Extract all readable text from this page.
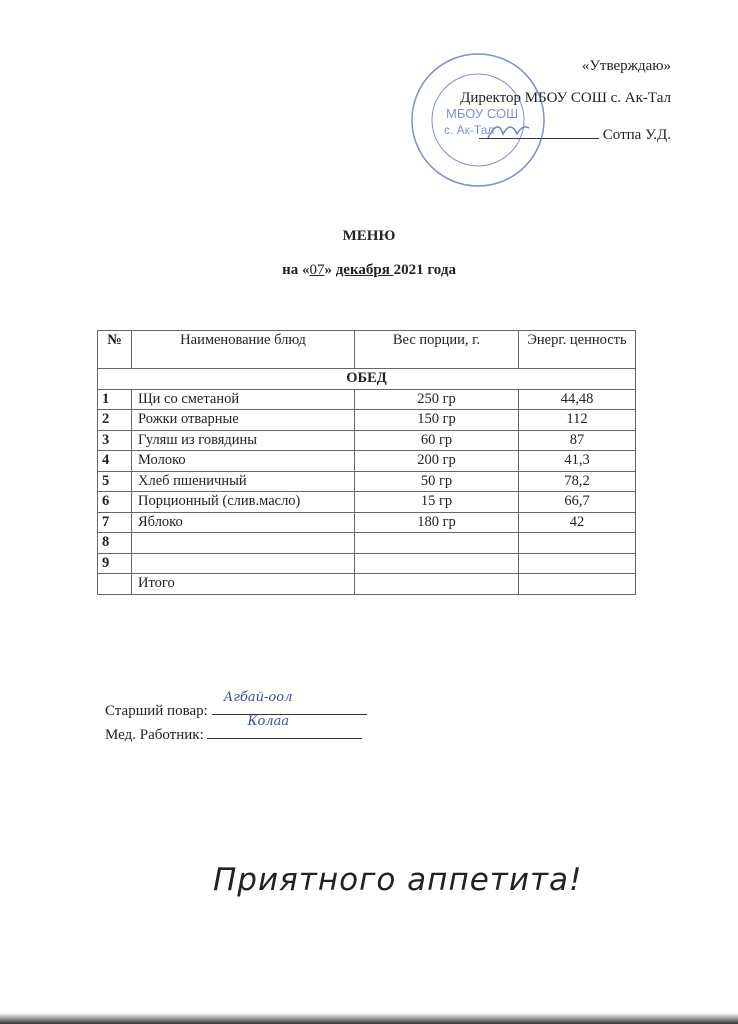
«Утверждаю»
Директор МБОУ СОШ с. Ак-Тал
Сотпа У.Д.
МБОУ СОШ
с. Ак-Тал
МЕНЮ
на «07» декабря 2021 года
№	Наименование блюд	Вес порции, г.	Энерг. ценность
ОБЕД			
1	Щи со сметаной	250 гр	44,48
2	Рожки отварные	150 гр	112
3	Гуляш из говядины	60 гр	87
4	Молоко	200 гр	41,3
5	Хлеб пшеничный	50 гр	78,2
6	Порционный (слив.масло)	15 гр	66,7
7	Яблоко	180 гр	42
8			
9			
	Итого		
Старший повар:
Агбай-оол
Мед. Работник:
Колаа
Приятного аппетита!
